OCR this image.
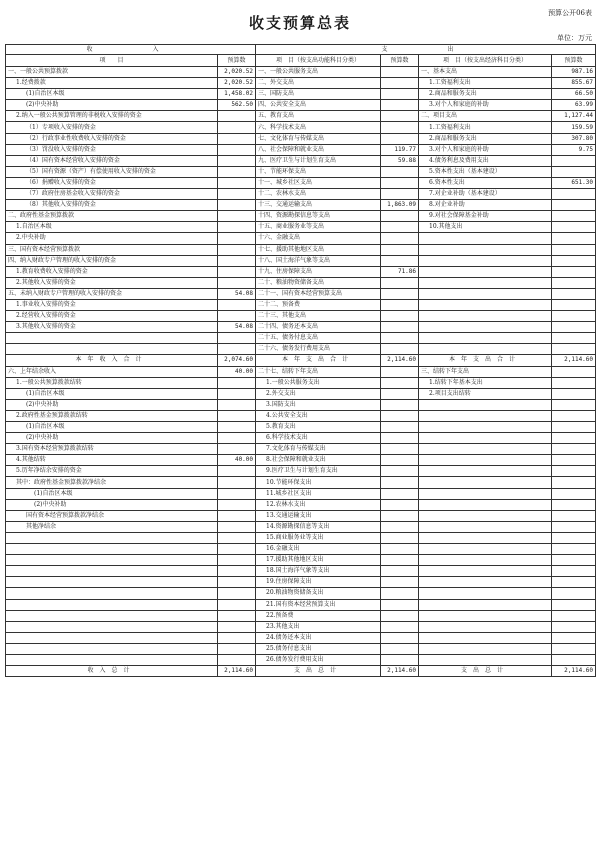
预算公开06表
收支预算总表
单位：万元
收　　入		支　　出			
项　　目	预算数	项　目（按支出功能科目分类）	预算数	项　目（按支出经济科目分类）	预算数
一、一般公共预算拨款	2,020.52	一、一般公共服务支出		一、基本支出	987.16
1.经费拨款	2,020.52	二、外交支出		1.工资福利支出	855.67
(1)自治区本级	1,458.02	三、国防支出		2.商品和服务支出	66.50
(2)中央补助	562.50	四、公共安全支出		3.对个人和家庭的补助	63.99
2.纳入一般公共预算管理的非税收入安排的资金		五、教育支出		二、项目支出	1,127.44
（1）专项收入安排的资金		六、科学技术支出		1.工资福利支出	159.59
（2）行政事业性收费收入安排的资金		七、文化体育与传媒支出		2.商品和服务支出	307.80
（3）罚没收入安排的资金		八、社会保障和就业支出	119.77	3.对个人和家庭的补助	9.75
（4）国有资本经营收入安排的资金		九、医疗卫生与计划生育支出	59.88	4.债务利息及费用支出	
（5）国有资源（资产）有偿使用收入安排的资金		十、节能环保支出		5.资本性支出（基本建设）	
（6）捐赠收入安排的资金		十一、城乡社区支出		6.资本性支出	651.30
（7）政府住房基金收入安排的资金		十二、农林水支出		7.对企业补助（基本建设）	
（8）其他收入安排的资金		十三、交通运输支出	1,863.09	8.对企业补助	
二、政府性基金预算拨款		十四、资源勘探信息等支出		9.对社会保障基金补助	
1.自治区本级		十五、商业服务业等支出		10.其他支出	
2.中央补助		十六、金融支出			
三、国有资本经营预算拨款		十七、援助其他地区支出			
四、纳入财政专户管理的收入安排的资金		十八、国土海洋气象等支出			
1.教育收费收入安排的资金		十九、住房保障支出	71.86		
2.其他收入安排的资金		二十、粮油物资储备支出			
五、未纳入财政专户管理的收入安排的资金	54.08	二十一、国有资本经营预算支出			
1.事业收入安排的资金		二十二、预备费			
2.经营收入安排的资金		二十三、其他支出			
3.其他收入安排的资金	54.08	二十四、债务还本支出			
		二十五、债务付息支出			
		二十六、债务发行费用支出			
本年收入合计	2,074.60	本年支出合计	2,114.60	本年支出合计	2,114.60
六、上年结余收入	40.00	二十七、结转下年支出		三、结转下年支出	
1.一般公共预算拨款结转		1.一般公共服务支出		1.结转下年基本支出	
(1)自治区本级		2.外交支出		2.项目支出结转	
(2)中央补助		3.国防支出			
2.政府性基金预算拨款结转		4.公共安全支出			
(1)自治区本级		5.教育支出			
(2)中央补助		6.科学技术支出			
3.国有资本经营预算拨款结转		7.文化体育与传媒支出			
4.其他结转	40.00	8.社会保障和就业支出			
5.历年净结余安排的资金		9.医疗卫生与计划生育支出			
其中：政府性基金预算拨款净结余		10.节能环保支出			
(1)自治区本级		11.城乡社区支出			
(2)中央补助		12.农林水支出			
国有资本经营预算拨款净结余		13.交通运输支出			
其他净结余		14.资源勘探信息等支出			
		15.商业服务业等支出			
		16.金融支出			
		17.援助其他地区支出			
		18.国土海洋气象等支出			
		19.住房保障支出			
		20.粮油物资储备支出			
		21.国有资本经营预算支出			
		22.预备费			
		23.其他支出			
		24.债务还本支出			
		25.债务付息支出			
		26.债务发行费用支出			
收入总计	2,114.60	支出总计	2,114.60	支出总计	2,114.60
